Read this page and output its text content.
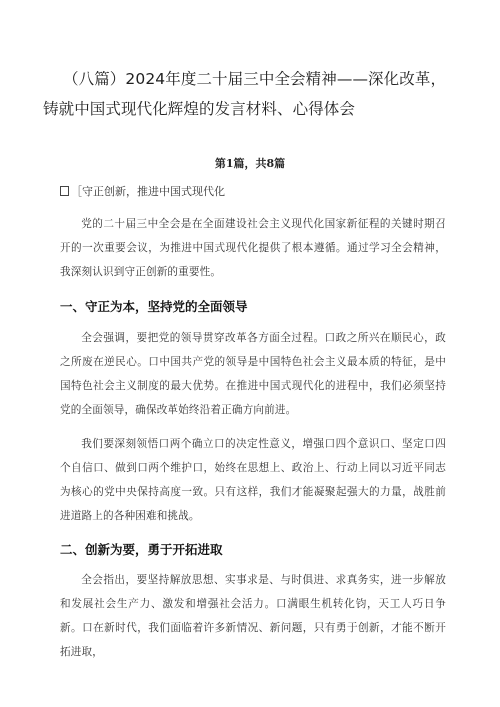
（八篇）2024年度二十届三中全会精神——深化改革，
铸就中国式现代化辉煌的发言材料、心得体会
第1篇，共8篇
［守正创新，推进中国式现代化

党的二十届三中全会是在全面建设社会主义现代化国家新征程的关键时期召开的一次重要会议，为推进中国式现代化提供了根本遵循。通过学习全会精神，我深刻认识到守正创新的重要性。

一、守正为本，坚持党的全面领导

全会强调，要把党的领导贯穿改革各方面全过程。口政之所兴在顺民心，政之所废在逆民心。口中国共产党的领导是中国特色社会主义最本质的特征，是中国特色社会主义制度的最大优势。在推进中国式现代化的进程中，我们必须坚持党的全面领导，确保改革始终沿着正确方向前进。

我们要深刻领悟口两个确立口的决定性意义，增强口四个意识口、坚定口四个自信口、做到口两个维护口，始终在思想上、政治上、行动上同以习近平同志为核心的党中央保持高度一致。只有这样，我们才能凝聚起强大的力量，战胜前进道路上的各种困难和挑战。

二、创新为要，勇于开拓进取

全会指出，要坚持解放思想、实事求是、与时俱进、求真务实，进一步解放和发展社会生产力、激发和增强社会活力。口满眼生机转化钧，天工人巧日争新。口在新时代，我们面临着许多新情况、新问题，只有勇于创新，才能不断开拓进取，
